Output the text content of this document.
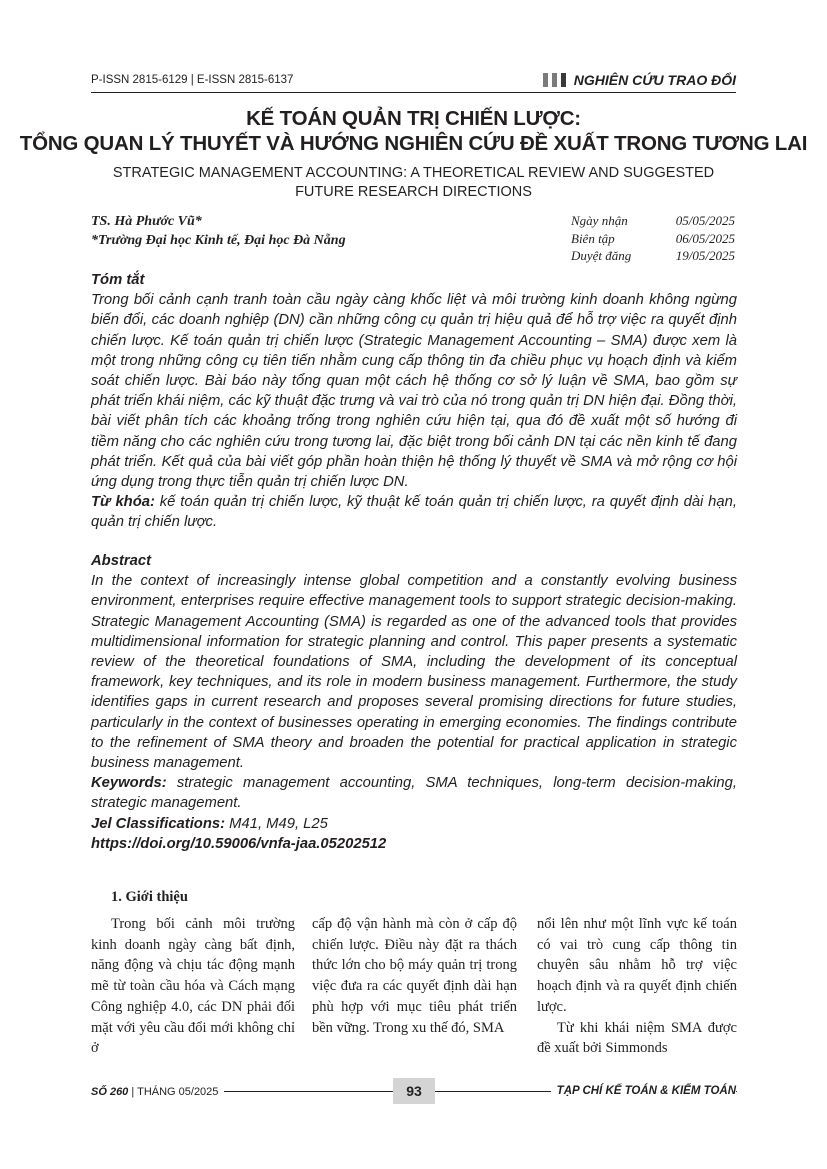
P-ISSN 2815-6129 | E-ISSN 2815-6137	NGHIÊN CỨU TRAO ĐỔI
KẾ TOÁN QUẢN TRỊ CHIẾN LƯỢC:
TỔNG QUAN LÝ THUYẾT VÀ HƯỚNG NGHIÊN CỨU ĐỀ XUẤT TRONG TƯƠNG LAI
STRATEGIC MANAGEMENT ACCOUNTING: A THEORETICAL REVIEW AND SUGGESTED
FUTURE RESEARCH DIRECTIONS
TS. Hà Phước Vũ*
*Trường Đại học Kinh tế, Đại học Đà Nẵng
Ngày nhận	05/05/2025
Biên tập	06/05/2025
Duyệt đăng	19/05/2025
Tóm tắt
Trong bối cảnh cạnh tranh toàn cầu ngày càng khốc liệt và môi trường kinh doanh không ngừng biến đổi, các doanh nghiệp (DN) cần những công cụ quản trị hiệu quả để hỗ trợ việc ra quyết định chiến lược. Kế toán quản trị chiến lược (Strategic Management Accounting – SMA) được xem là một trong những công cụ tiên tiến nhằm cung cấp thông tin đa chiều phục vụ hoạch định và kiểm soát chiến lược. Bài báo này tổng quan một cách hệ thống cơ sở lý luận về SMA, bao gồm sự phát triển khái niệm, các kỹ thuật đặc trưng và vai trò của nó trong quản trị DN hiện đại. Đồng thời, bài viết phân tích các khoảng trống trong nghiên cứu hiện tại, qua đó đề xuất một số hướng đi tiềm năng cho các nghiên cứu trong tương lai, đặc biệt trong bối cảnh DN tại các nền kinh tế đang phát triển. Kết quả của bài viết góp phần hoàn thiện hệ thống lý thuyết về SMA và mở rộng cơ hội ứng dụng trong thực tiễn quản trị chiến lược DN.
Từ khóa: kế toán quản trị chiến lược, kỹ thuật kế toán quản trị chiến lược, ra quyết định dài hạn, quản trị chiến lược.
Abstract
In the context of increasingly intense global competition and a constantly evolving business environment, enterprises require effective management tools to support strategic decision-making. Strategic Management Accounting (SMA) is regarded as one of the advanced tools that provides multidimensional information for strategic planning and control. This paper presents a systematic review of the theoretical foundations of SMA, including the development of its conceptual framework, key techniques, and its role in modern business management. Furthermore, the study identifies gaps in current research and proposes several promising directions for future studies, particularly in the context of businesses operating in emerging economies. The findings contribute to the refinement of SMA theory and broaden the potential for practical application in strategic business management.
Keywords: strategic management accounting, SMA techniques, long-term decision-making, strategic management.
Jel Classifications: M41, M49, L25
https://doi.org/10.59006/vnfa-jaa.05202512
1. Giới thiệu

Trong bối cảnh môi trường kinh doanh ngày càng bất định, năng động và chịu tác động mạnh mẽ từ toàn cầu hóa và Cách mạng Công nghiệp 4.0, các DN phải đối mặt với yêu cầu đổi mới không chỉ ở

cấp độ vận hành mà còn ở cấp độ chiến lược. Điều này đặt ra thách thức lớn cho bộ máy quản trị trong việc đưa ra các quyết định dài hạn phù hợp với mục tiêu phát triển bền vững. Trong xu thế đó, SMA

nổi lên như một lĩnh vực kế toán có vai trò cung cấp thông tin chuyên sâu nhằm hỗ trợ việc hoạch định và ra quyết định chiến lược.

Từ khi khái niệm SMA được đề xuất bởi Simmonds

SỐ 260 | THÁNG 05/2025	93	TẠP CHÍ KẾ TOÁN & KIỂM TOÁN
